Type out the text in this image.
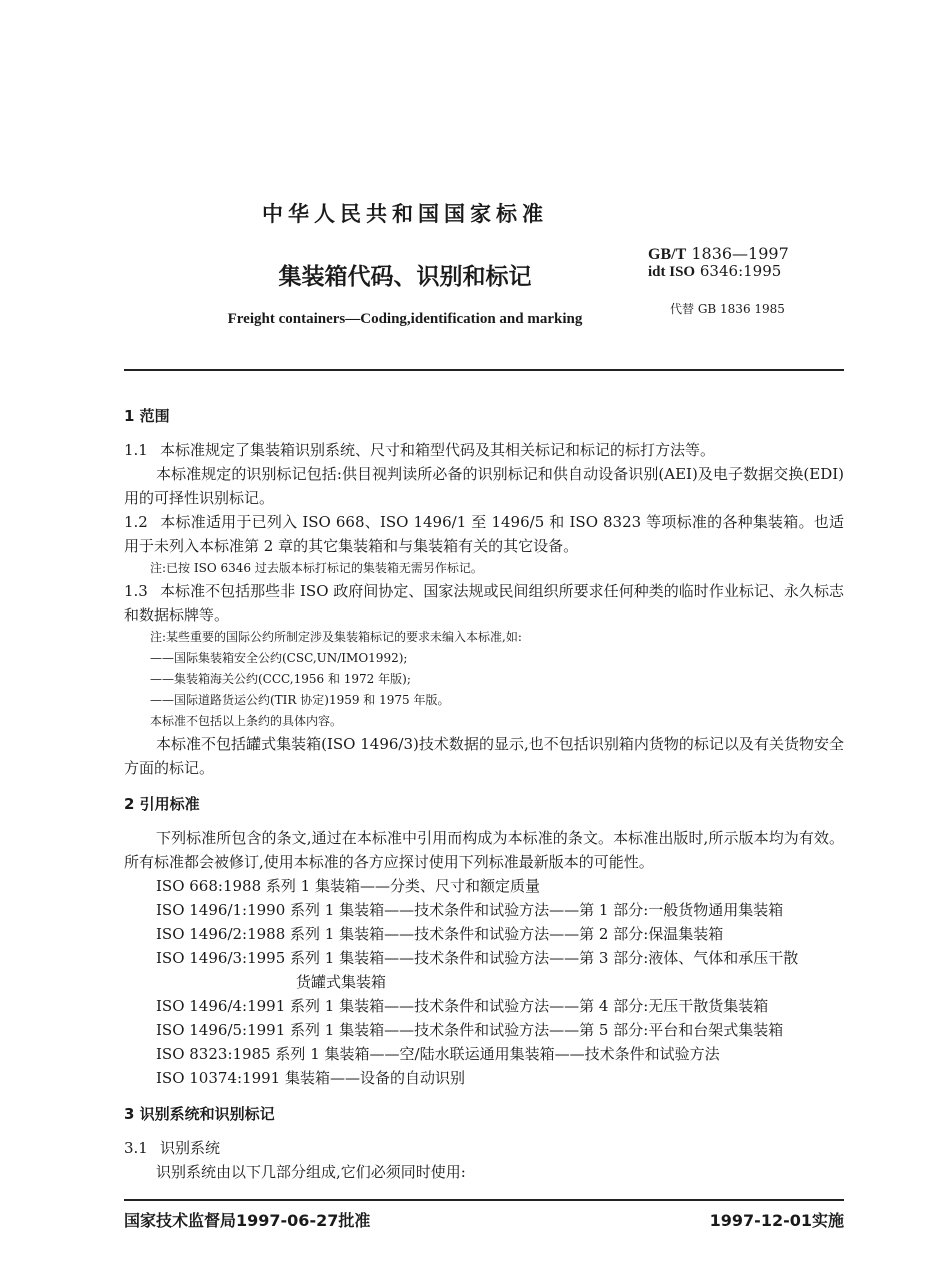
中华人民共和国国家标准
集装箱代码、识别和标记
Freight containers—Coding,identification and marking
GB/T 1836—1997
idt ISO 6346:1995
代替 GB 1836 1985

1 范围

1.1 本标准规定了集装箱识别系统、尺寸和箱型代码及其相关标记和标记的标打方法等。

本标准规定的识别标记包括:供目视判读所必备的识别标记和供自动设备识别(AEI)及电子数据交换(EDI)用的可择性识别标记。

1.2 本标准适用于已列入 ISO 668、ISO 1496/1 至 1496/5 和 ISO 8323 等项标准的各种集装箱。也适用于未列入本标准第 2 章的其它集装箱和与集装箱有关的其它设备。

注:已按 ISO 6346 过去版本标打标记的集装箱无需另作标记。

1.3 本标准不包括那些非 ISO 政府间协定、国家法规或民间组织所要求任何种类的临时作业标记、永久标志和数据标牌等。

注:某些重要的国际公约所制定涉及集装箱标记的要求未编入本标准,如:

——国际集装箱安全公约(CSC,UN/IMO1992);

——集装箱海关公约(CCC,1956 和 1972 年版);

——国际道路货运公约(TIR 协定)1959 和 1975 年版。

本标准不包括以上条约的具体内容。

本标准不包括罐式集装箱(ISO 1496/3)技术数据的显示,也不包括识别箱内货物的标记以及有关货物安全方面的标记。

2 引用标准

下列标准所包含的条文,通过在本标准中引用而构成为本标准的条文。本标准出版时,所示版本均为有效。所有标准都会被修订,使用本标准的各方应探讨使用下列标准最新版本的可能性。

ISO 668:1988 系列 1 集装箱——分类、尺寸和额定质量

ISO 1496/1:1990 系列 1 集装箱——技术条件和试验方法——第 1 部分:一般货物通用集装箱

ISO 1496/2:1988 系列 1 集装箱——技术条件和试验方法——第 2 部分:保温集装箱

ISO 1496/3:1995 系列 1 集装箱——技术条件和试验方法——第 3 部分:液体、气体和承压干散

货罐式集装箱

ISO 1496/4:1991 系列 1 集装箱——技术条件和试验方法——第 4 部分:无压干散货集装箱

ISO 1496/5:1991 系列 1 集装箱——技术条件和试验方法——第 5 部分:平台和台架式集装箱

ISO 8323:1985 系列 1 集装箱——空/陆水联运通用集装箱——技术条件和试验方法

ISO 10374:1991 集装箱——设备的自动识别

3 识别系统和识别标记

3.1 识别系统

识别系统由以下几部分组成,它们必须同时使用:

国家技术监督局1997-06-27批准	1997-12-01实施
